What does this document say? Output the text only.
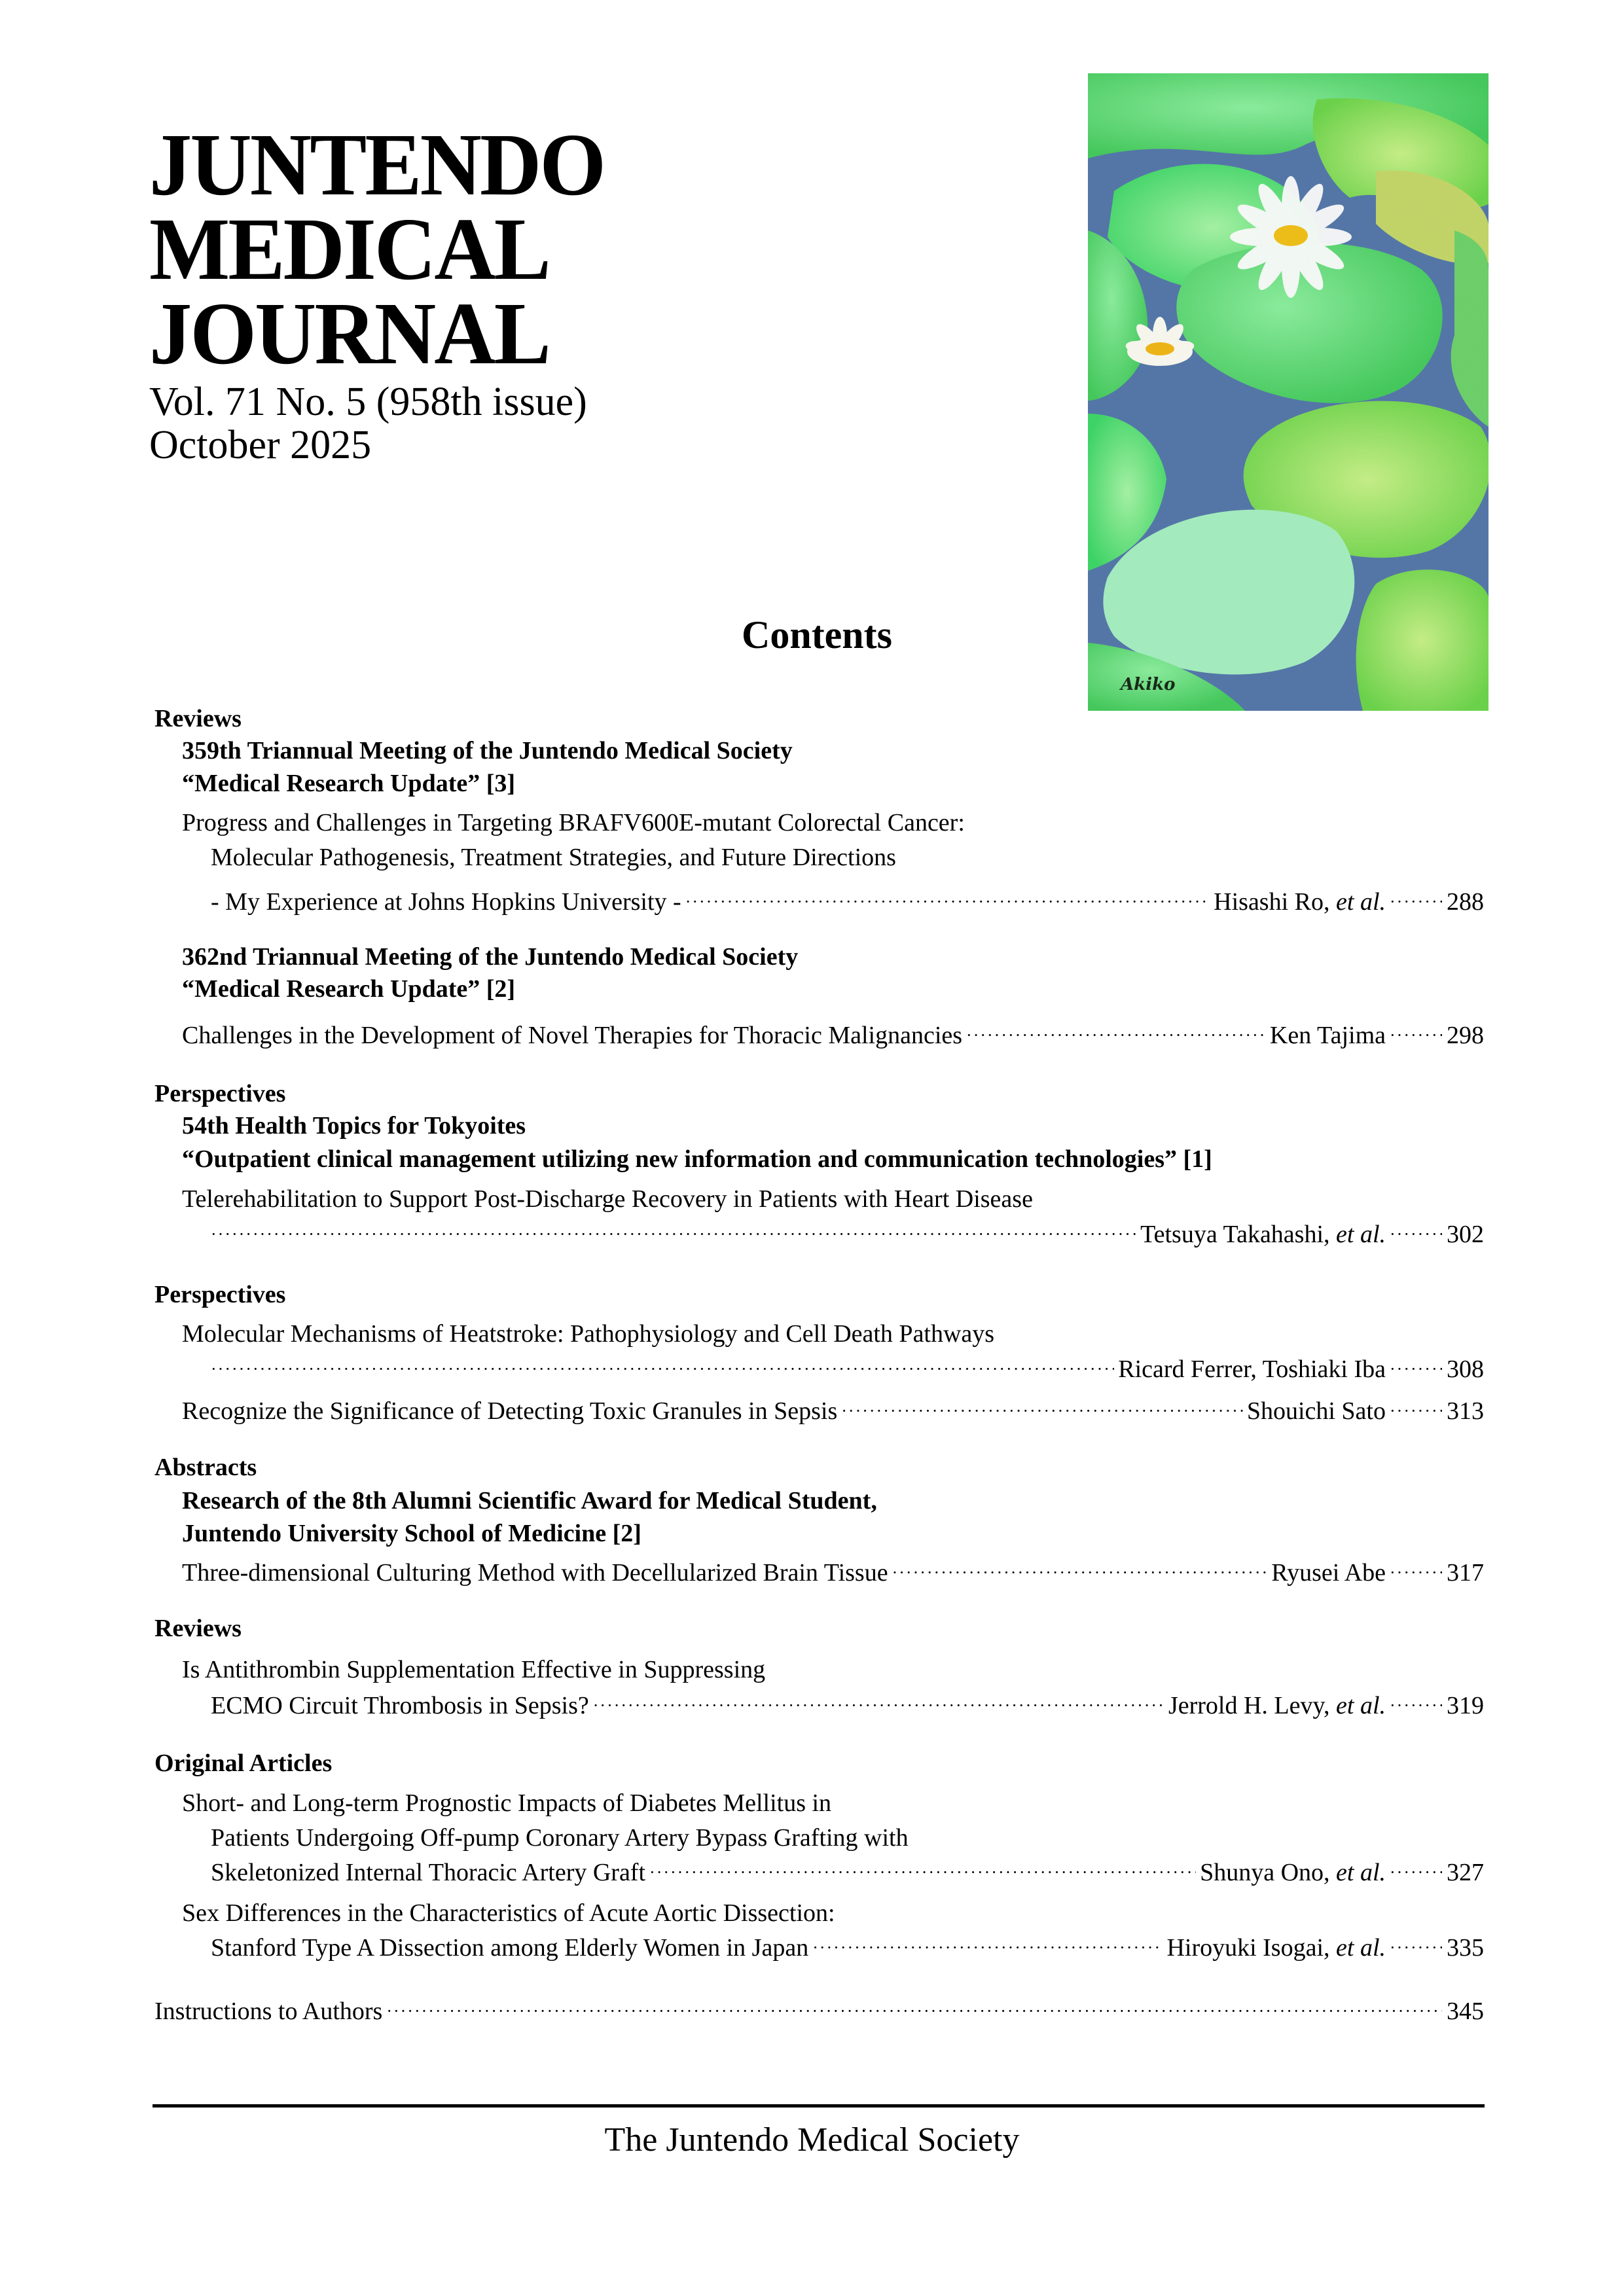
JUNTENDO
MEDICAL
JOURNAL
Vol. 71 No. 5 (958th issue)
October 2025
Akiko
Contents
Reviews
359th Triannual Meeting of the Juntendo Medical Society
“Medical Research Update” [3]
Progress and Challenges in Targeting BRAFV600E-mutant Colorectal Cancer:
Molecular Pathogenesis, Treatment Strategies, and Future Directions
- My Experience at Johns Hopkins University - ·····	Hisashi Ro, et al. ····· 288
362nd Triannual Meeting of the Juntendo Medical Society
“Medical Research Update” [2]
Challenges in the Development of Novel Therapies for Thoracic Malignancies ·····	Ken Tajima ····· 298
Perspectives
54th Health Topics for Tokyoites
“Outpatient clinical management utilizing new information and communication technologies” [1]
Telerehabilitation to Support Post-Discharge Recovery in Patients with Heart Disease
·····
Tetsuya Takahashi, et al. ····· 302
Perspectives
Molecular Mechanisms of Heatstroke: Pathophysiology and Cell Death Pathways
·····
Ricard Ferrer, Toshiaki Iba ····· 308
Recognize the Significance of Detecting Toxic Granules in Sepsis ·····	Shouichi Sato ····· 313
Abstracts
Research of the 8th Alumni Scientific Award for Medical Student,
Juntendo University School of Medicine [2]
Three-dimensional Culturing Method with Decellularized Brain Tissue ·····	Ryusei Abe ····· 317
Reviews
Is Antithrombin Supplementation Effective in Suppressing
ECMO Circuit Thrombosis in Sepsis? ·····	Jerrold H. Levy, et al. ····· 319
Original Articles
Short- and Long-term Prognostic Impacts of Diabetes Mellitus in
Patients Undergoing Off-pump Coronary Artery Bypass Grafting with
Skeletonized Internal Thoracic Artery Graft ·····	Shunya Ono, et al. ····· 327
Sex Differences in the Characteristics of Acute Aortic Dissection:
Stanford Type A Dissection among Elderly Women in Japan ·····	Hiroyuki Isogai, et al. ····· 335
Instructions to Authors ·····	345
The Juntendo Medical Society
